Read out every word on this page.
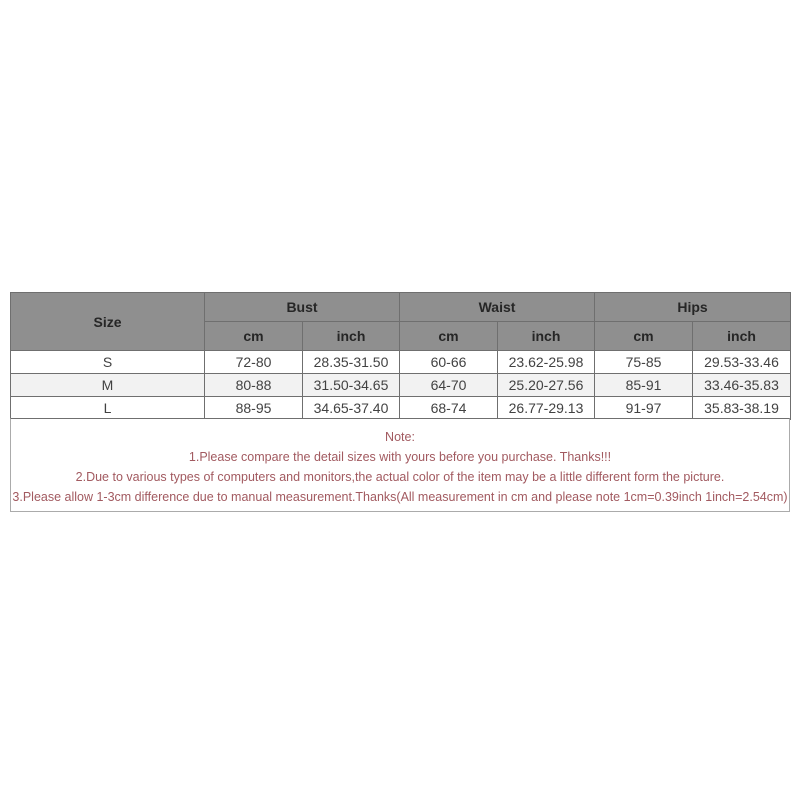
Size	Bust		Waist		Hips	
	cm	inch	cm	inch	cm	inch
S	72-80	28.35-31.50	60-66	23.62-25.98	75-85	29.53-33.46
M	80-88	31.50-34.65	64-70	25.20-27.56	85-91	33.46-35.83
L	88-95	34.65-37.40	68-74	26.77-29.13	91-97	35.83-38.19
Note:
1.Please compare the detail sizes with yours before you purchase. Thanks!!!
2.Due to various types of computers and monitors,the actual color of the item may be a little different form the picture.
3.Please allow 1-3cm difference due to manual measurement.Thanks(All measurement in cm and please note 1cm=0.39inch 1inch=2.54cm)
